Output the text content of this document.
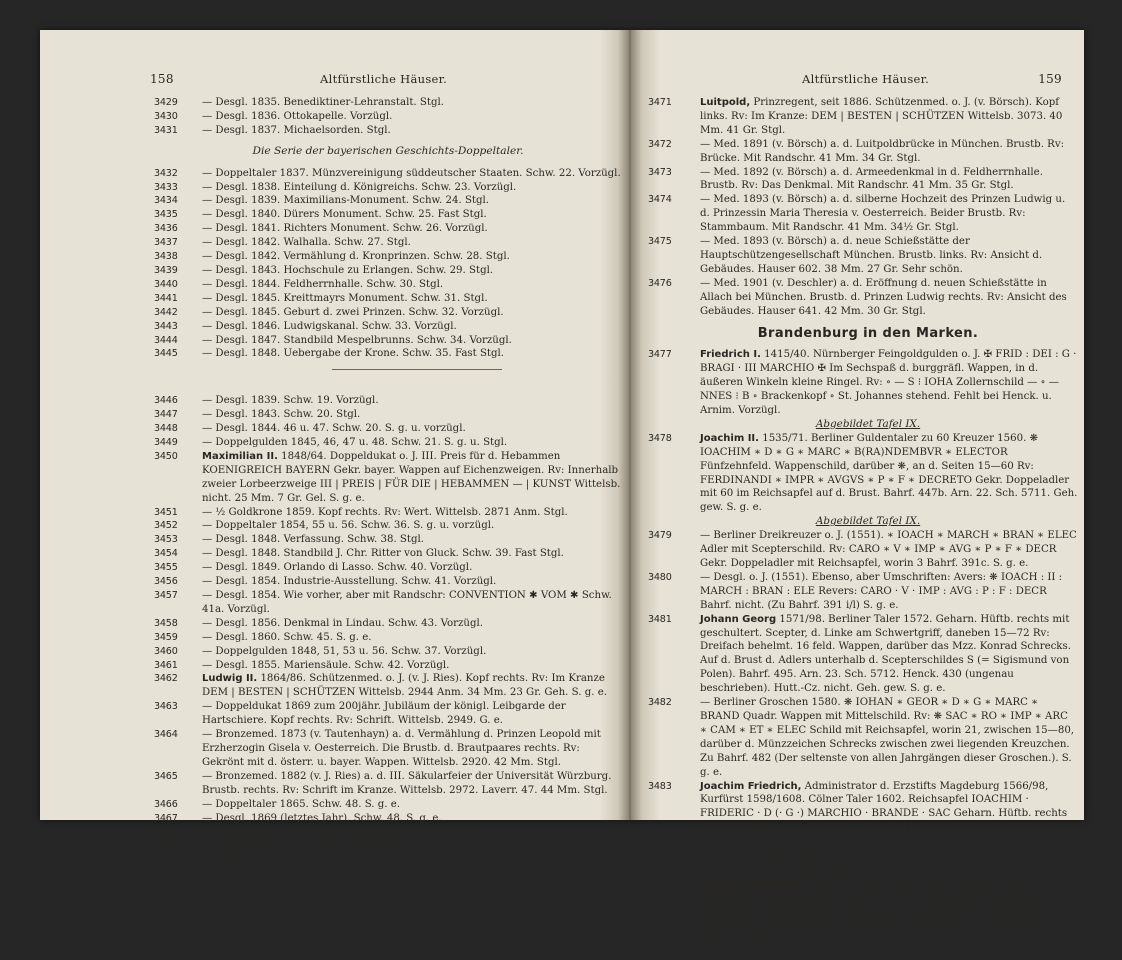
158	Altfürstliche Häuser.
3429 — Desgl. 1835. Benediktiner-Lehranstalt. Stgl.
3430 — Desgl. 1836. Ottokapelle. Vorzügl.
3431 — Desgl. 1837. Michaelsorden. Stgl.
Die Serie der bayerischen Geschichts-Doppeltaler.
3432 — Doppeltaler 1837. Münzvereinigung süddeutscher Staaten. Schw. 22. Vorzügl.
3433 — Desgl. 1838. Einteilung d. Königreichs. Schw. 23. Vorzügl.
3434 — Desgl. 1839. Maximilians-Monument. Schw. 24. Stgl.
3435 — Desgl. 1840. Dürers Monument. Schw. 25. Fast Stgl.
3436 — Desgl. 1841. Richters Monument. Schw. 26. Vorzügl.
3437 — Desgl. 1842. Walhalla. Schw. 27. Stgl.
3438 — Desgl. 1842. Vermählung d. Kronprinzen. Schw. 28. Stgl.
3439 — Desgl. 1843. Hochschule zu Erlangen. Schw. 29. Stgl.
3440 — Desgl. 1844. Feldherrnhalle. Schw. 30. Stgl.
3441 — Desgl. 1845. Kreittmayrs Monument. Schw. 31. Stgl.
3442 — Desgl. 1845. Geburt d. zwei Prinzen. Schw. 32. Vorzügl.
3443 — Desgl. 1846. Ludwigskanal. Schw. 33. Vorzügl.
3444 — Desgl. 1847. Standbild Mespelbrunns. Schw. 34. Vorzügl.
3445 — Desgl. 1848. Uebergabe der Krone. Schw. 35. Fast Stgl.
3446 — Desgl. 1839. Schw. 19. Vorzügl.
3447 — Desgl. 1843. Schw. 20. Stgl.
3448 — Desgl. 1844. 46 u. 47. Schw. 20. S. g. u. vorzügl.
3449 — Doppelgulden 1845, 46, 47 u. 48. Schw. 21. S. g. u. Stgl.
3450 Maximilian II. 1848/64. Doppeldukat o. J. III. Preis für d. Hebammen KOENIGREICH BAYERN Gekr. bayer. Wappen auf Eichenzweigen. Rv: Innerhalb zweier Lorbeerzweige III | PREIS | FÜR DIE | HEBAMMEN — | KUNST Wittelsb. nicht. 25 Mm. 7 Gr. Gel. S. g. e.
3451 — ½ Goldkrone 1859. Kopf rechts. Rv: Wert. Wittelsb. 2871 Anm. Stgl.
3452 — Doppeltaler 1854, 55 u. 56. Schw. 36. S. g. u. vorzügl.
3453 — Desgl. 1848. Verfassung. Schw. 38. Stgl.
3454 — Desgl. 1848. Standbild J. Chr. Ritter von Gluck. Schw. 39. Fast Stgl.
3455 — Desgl. 1849. Orlando di Lasso. Schw. 40. Vorzügl.
3456 — Desgl. 1854. Industrie-Ausstellung. Schw. 41. Vorzügl.
3457 — Desgl. 1854. Wie vorher, aber mit Randschr: CONVENTION ✱ VOM ✱ Schw. 41a. Vorzügl.
3458 — Desgl. 1856. Denkmal in Lindau. Schw. 43. Vorzügl.
3459 — Desgl. 1860. Schw. 45. S. g. e.
3460 — Doppelgulden 1848, 51, 53 u. 56. Schw. 37. Vorzügl.
3461 — Desgl. 1855. Mariensäule. Schw. 42. Vorzügl.
3462 Ludwig II. 1864/86. Schützenmed. o. J. (v. J. Ries). Kopf rechts. Rv: Im Kranze DEM | BESTEN | SCHÜTZEN Wittelsb. 2944 Anm. 34 Mm. 23 Gr. Geh. S. g. e.
3463 — Doppeldukat 1869 zum 200jähr. Jubiläum der königl. Leibgarde der Hartschiere. Kopf rechts. Rv: Schrift. Wittelsb. 2949. G. e.
3464 — Bronzemed. 1873 (v. Tautenhayn) a. d. Vermählung d. Prinzen Leopold mit Erzherzogin Gisela v. Oesterreich. Die Brustb. d. Brautpaares rechts. Rv: Gekrönt mit d. österr. u. bayer. Wappen. Wittelsb. 2920. 42 Mm. Stgl.
3465 — Bronzemed. 1882 (v. J. Ries) a. d. III. Säkularfeier der Universität Würzburg. Brustb. rechts. Rv: Schrift im Kranze. Wittelsb. 2972. Laverr. 47. 44 Mm. Stgl.
3466 — Doppeltaler 1865. Schw. 48. S. g. e.
3467 — Desgl. 1869 (letztes Jahr). Schw. 48. S. g. e.
3468 — Marientaler 1868 u. 70. Schw. 50. Stgl. u. vorzügl.
3469 — Siegestaler 1871. Schw. 54. Vorzügl.
3470 — Fünfmark 1876. Vorzügl.
Altfürstliche Häuser.	159
3471	Luitpold, Prinzregent, seit 1886. Schützenmed. o. J. (v. Börsch). Kopf links. Rv: Im Kranze: DEM | BESTEN | SCHÜTZEN Wittelsb. 3073. 40 Mm. 41 Gr. Stgl.
3472	— Med. 1891 (v. Börsch) a. d. Luitpoldbrücke in München. Brustb. Rv: Brücke. Mit Randschr. 41 Mm. 34 Gr. Stgl.
3473	— Med. 1892 (v. Börsch) a. d. Armeedenkmal in d. Feldherrnhalle. Brustb. Rv: Das Denkmal. Mit Randschr. 41 Mm. 35 Gr. Stgl.
3474	— Med. 1893 (v. Börsch) a. d. silberne Hochzeit des Prinzen Ludwig u. d. Prinzessin Maria Theresia v. Oesterreich. Beider Brustb. Rv: Stammbaum. Mit Randschr. 41 Mm. 34½ Gr. Stgl.
3475	— Med. 1893 (v. Börsch) a. d. neue Schießstätte der Hauptschützengesellschaft München. Brustb. links. Rv: Ansicht d. Gebäudes. Hauser 602. 38 Mm. 27 Gr. Sehr schön.
3476	— Med. 1901 (v. Deschler) a. d. Eröffnung d. neuen Schießstätte in Allach bei München. Brustb. d. Prinzen Ludwig rechts. Rv: Ansicht des Gebäudes. Hauser 641. 42 Mm. 30 Gr. Stgl.
Brandenburg in den Marken.
3477	Friedrich I. 1415/40. Nürnberger Feingoldgulden o. J. ✠ FRID : DEI : G · BRAGI · III MARCHIO ✠ Im Sechspaß d. burggräfl. Wappen, in d. äußeren Winkeln kleine Ringel. Rv: ∘ — S ⁝ IOHA Zollernschild — ∘ — NNES ⁝ B ∘ Brackenkopf ∘ St. Johannes stehend. Fehlt bei Henck. u. Arnim. Vorzügl.
Abgebildet Tafel IX.
3478	Joachim II. 1535/71. Berliner Guldentaler zu 60 Kreuzer 1560. ❋ IOACHIM ∗ D ∗ G ∗ MARC ∗ B(RA)NDEMBVR ∗ ELECTOR Fünfzehnfeld. Wappenschild, darüber ❋, an d. Seiten 15—60 Rv: FERDINANDI ∗ IMPR ∗ AVGVS ∗ P ∗ F ∗ DECRETO Gekr. Doppeladler mit 60 im Reichsapfel auf d. Brust. Bahrf. 447b. Arn. 22. Sch. 5711. Geh. gew. S. g. e.
Abgebildet Tafel IX.
3479	— Berliner Dreikreuzer o. J. (1551). ∗ IOACH ∗ MARCH ∗ BRAN ∗ ELEC Adler mit Scepterschild. Rv: CARO ∗ V ∗ IMP ∗ AVG ∗ P ∗ F ∗ DECR Gekr. Doppeladler mit Reichsapfel, worin 3 Bahrf. 391c. S. g. e.
3480	— Desgl. o. J. (1551). Ebenso, aber Umschriften: Avers: ❋ IOACH : II : MARCH : BRAN : ELE Revers: CARO · V · IMP : AVG : P : F : DECR Bahrf. nicht. (Zu Bahrf. 391 i/l) S. g. e.
3481	Johann Georg 1571/98. Berliner Taler 1572. Geharn. Hüftb. rechts mit geschultert. Scepter, d. Linke am Schwertgriff, daneben 15—72 Rv: Dreifach behelmt. 16 feld. Wappen, darüber das Mzz. Konrad Schrecks. Auf d. Brust d. Adlers unterhalb d. Scepterschildes S (= Sigismund von Polen). Bahrf. 495. Arn. 23. Sch. 5712. Henck. 430 (ungenau beschrieben). Hutt.-Cz. nicht. Geh. gew. S. g. e.
3482	— Berliner Groschen 1580. ❋ IOHAN ∗ GEOR ∗ D ∗ G ∗ MARC ∗ BRAND Quadr. Wappen mit Mittelschild. Rv: ❋ SAC ∗ RO ∗ IMP ∗ ARC ∗ CAM ∗ ET ∗ ELEC Schild mit Reichsapfel, worin 21, zwischen 15—80, darüber d. Münzzeichen Schrecks zwischen zwei liegenden Kreuzchen. Zu Bahrf. 482 (Der seltenste von allen Jahrgängen dieser Groschen.). S. g. e.
3483	Joachim Friedrich, Administrator d. Erzstifts Magdeburg 1566/98, Kurfürst 1598/1608. Cölner Taler 1602. Reichsapfel IOACHIM · FRIDERIC · D (· G ·) MARCHIO · BRANDE · SAC Geharn. Hüftb. rechts mit Feldbinde u. geschult. Scepter, die Linke am Schwertgriff; daneben 1.— 602 Rv: ROM · IMP · ARC · — CAM · ET · (EL)EC · Dreifach behelmt. 16 feld. Wappen. Mzz: Schwan. Bahrf. 536b. Arn. 44. Sch. 5735. I. Stpl. Geh. gew. Fast s. g. e.
3484	Johann Sigismund 1608/19. Cölner Taler 1614. Geharn. Hüftb. m. Feldbinde u. geschultert. Scepter rechts, d. Linke am Schwertgriff. Rv: Fünffach behelmtes großes Wappen, unten rechts MH (= Melchior Hoffmann). Auf d. Brust d. Adler über d. 2. Helm S (= Sigismund von Polen). Bahrf. 567 c. Arn. 62. Sch. 5755. Henck. 509. Hutt.-Cz. nicht. Aversfeld etw. pol. S. g. e.
